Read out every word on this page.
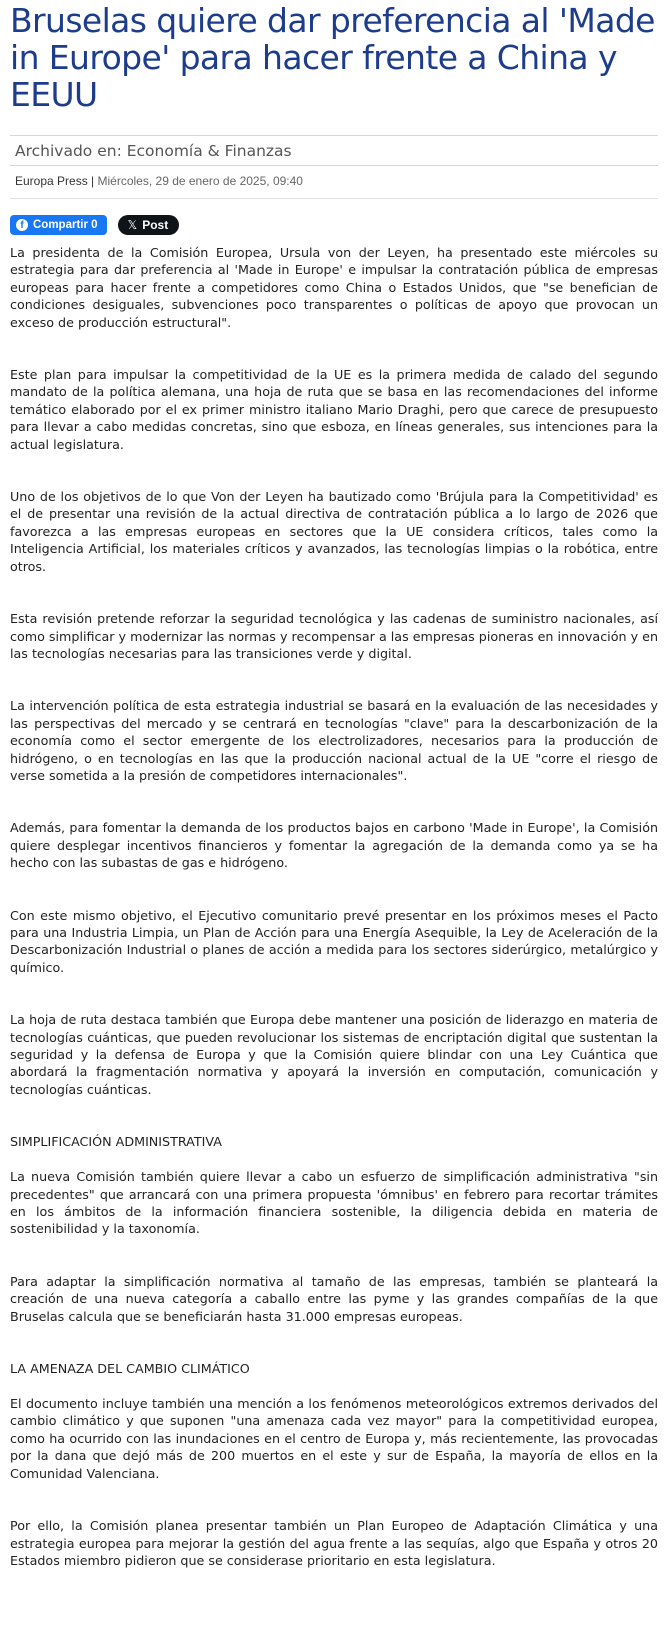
Bruselas quiere dar preferencia al 'Made in Europe' para hacer frente a China y EEUU
Archivado en: Economía & Finanzas
Europa Press | Miércoles, 29 de enero de 2025, 09:40
f Compartir 0	𝕏 Post

La presidenta de la Comisión Europea, Ursula von der Leyen, ha presentado este miércoles su estrategia para dar preferencia al 'Made in Europe' e impulsar la contratación pública de empresas europeas para hacer frente a competidores como China o Estados Unidos, que "se benefician de condiciones desiguales, subvenciones poco transparentes o políticas de apoyo que provocan un exceso de producción estructural".

Este plan para impulsar la competitividad de la UE es la primera medida de calado del segundo mandato de la política alemana, una hoja de ruta que se basa en las recomendaciones del informe temático elaborado por el ex primer ministro italiano Mario Draghi, pero que carece de presupuesto para llevar a cabo medidas concretas, sino que esboza, en líneas generales, sus intenciones para la actual legislatura.

Uno de los objetivos de lo que Von der Leyen ha bautizado como 'Brújula para la Competitividad' es el de presentar una revisión de la actual directiva de contratación pública a lo largo de 2026 que favorezca a las empresas europeas en sectores que la UE considera críticos, tales como la Inteligencia Artificial, los materiales críticos y avanzados, las tecnologías limpias o la robótica, entre otros.

Esta revisión pretende reforzar la seguridad tecnológica y las cadenas de suministro nacionales, así como simplificar y modernizar las normas y recompensar a las empresas pioneras en innovación y en las tecnologías necesarias para las transiciones verde y digital.

La intervención política de esta estrategia industrial se basará en la evaluación de las necesidades y las perspectivas del mercado y se centrará en tecnologías "clave" para la descarbonización de la economía como el sector emergente de los electrolizadores, necesarios para la producción de hidrógeno, o en tecnologías en las que la producción nacional actual de la UE "corre el riesgo de verse sometida a la presión de competidores internacionales".

Además, para fomentar la demanda de los productos bajos en carbono 'Made in Europe', la Comisión quiere desplegar incentivos financieros y fomentar la agregación de la demanda como ya se ha hecho con las subastas de gas e hidrógeno.

Con este mismo objetivo, el Ejecutivo comunitario prevé presentar en los próximos meses el Pacto para una Industria Limpia, un Plan de Acción para una Energía Asequible, la Ley de Aceleración de la Descarbonización Industrial o planes de acción a medida para los sectores siderúrgico, metalúrgico y químico.

La hoja de ruta destaca también que Europa debe mantener una posición de liderazgo en materia de tecnologías cuánticas, que pueden revolucionar los sistemas de encriptación digital que sustentan la seguridad y la defensa de Europa y que la Comisión quiere blindar con una Ley Cuántica que abordará la fragmentación normativa y apoyará la inversión en computación, comunicación y tecnologías cuánticas.

SIMPLIFICACIÓN ADMINISTRATIVA

La nueva Comisión también quiere llevar a cabo un esfuerzo de simplificación administrativa "sin precedentes" que arrancará con una primera propuesta 'ómnibus' en febrero para recortar trámites en los ámbitos de la información financiera sostenible, la diligencia debida en materia de sostenibilidad y la taxonomía.

Para adaptar la simplificación normativa al tamaño de las empresas, también se planteará la creación de una nueva categoría a caballo entre las pyme y las grandes compañías de la que Bruselas calcula que se beneficiarán hasta 31.000 empresas europeas.

LA AMENAZA DEL CAMBIO CLIMÁTICO

El documento incluye también una mención a los fenómenos meteorológicos extremos derivados del cambio climático y que suponen "una amenaza cada vez mayor" para la competitividad europea, como ha ocurrido con las inundaciones en el centro de Europa y, más recientemente, las provocadas por la dana que dejó más de 200 muertos en el este y sur de España, la mayoría de ellos en la Comunidad Valenciana.

Por ello, la Comisión planea presentar también un Plan Europeo de Adaptación Climática y una estrategia europea para mejorar la gestión del agua frente a las sequías, algo que España y otros 20 Estados miembro pidieron que se considerase prioritario en esta legislatura.
